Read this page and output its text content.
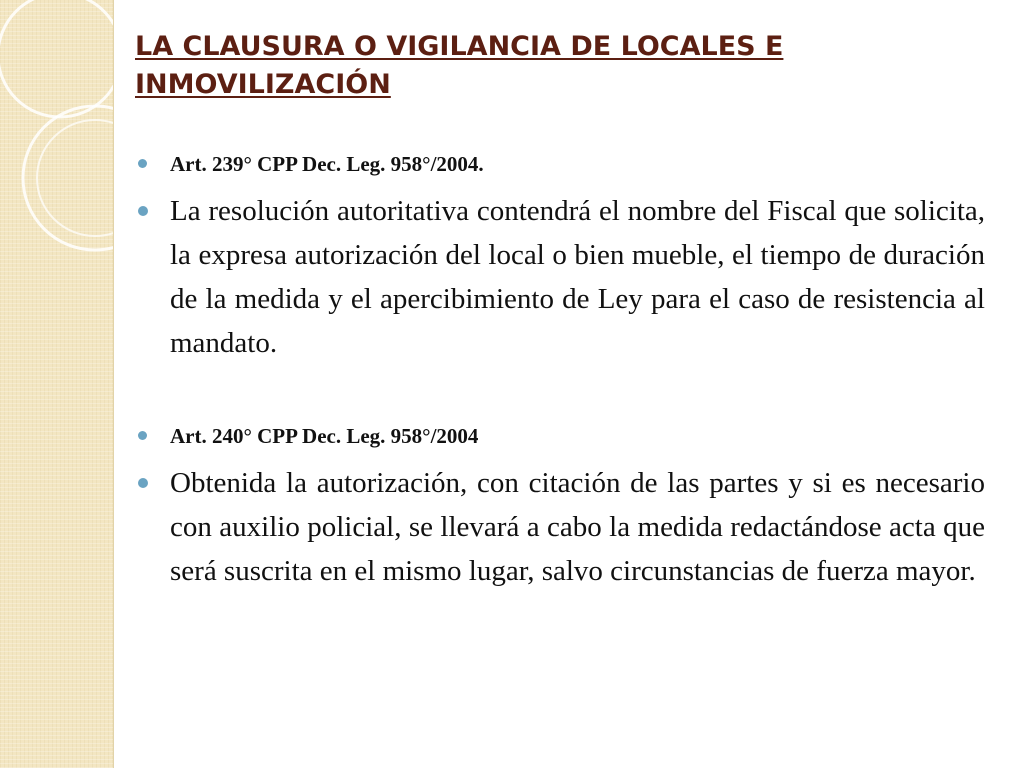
LA CLAUSURA O VIGILANCIA DE LOCALES E INMOVILIZACIÓN
Art. 239° CPP Dec. Leg. 958°/2004.
La resolución autoritativa contendrá el nombre del Fiscal que solicita, la expresa autorización del local o bien mueble, el tiempo de duración de la medida y el apercibimiento de Ley para el caso de resistencia al mandato.
Art. 240° CPP Dec. Leg. 958°/2004
Obtenida la autorización, con citación de las partes y si es necesario con auxilio policial, se llevará a cabo la medida redactándose acta que será suscrita en el mismo lugar, salvo circunstancias de fuerza mayor.
